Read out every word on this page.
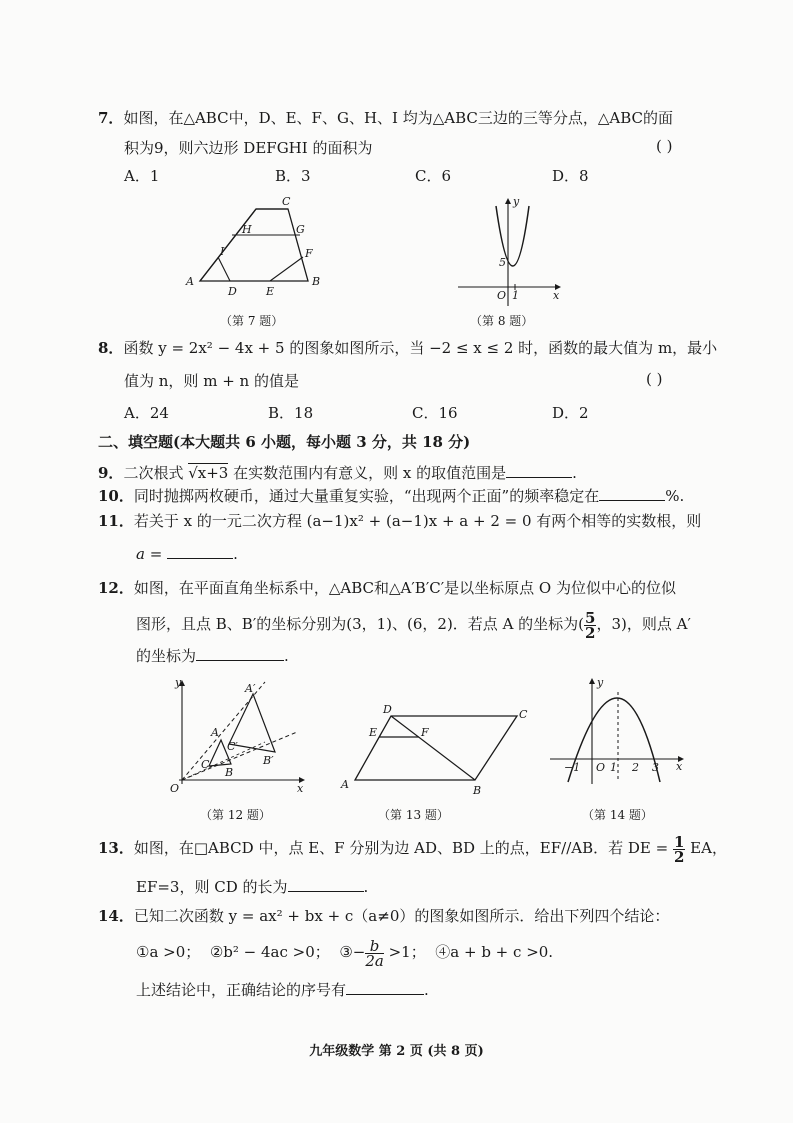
7．如图，在△ABC中，D、E、F、G、H、I 均为△ABC三边的三等分点，△ABC的面
积为9，则六边形 DEFGHI 的面积为	( )
A．1	B．3	C．6	D．8
A	B
C
D	E
F
G
H
I
（第 7 题）
y
x
O 1
5
（第 8 题）
8．函数 y = 2x² − 4x + 5 的图象如图所示，当 −2 ≤ x ≤ 2 时，函数的最大值为 m，最小
值为 n，则 m + n 的值是	( )
A．24	B．18	C．16	D．2
二、填空题(本大题共 6 小题，每小题 3 分，共 18 分)
9．二次根式 √x+3 在实数范围内有意义，则 x 的取值范围是	.
10．同时抛掷两枚硬币，通过大量重复实验，“出现两个正面”的频率稳定在	%.
11．若关于 x 的一元二次方程 (a−1)x² + (a−1)x + a + 2 = 0 有两个相等的实数根，则
a =	.
12．如图，在平面直角坐标系中，△ABC和△A′B′C′是以坐标原点 O 为位似中心的位似
图形，且点 B、B′的坐标分别为(3，1)、(6，2)．若点 A 的坐标为( $\frac{5}{2}$ ，3)，则点 A′
的坐标为	.
y
x
O
A
B
C
A′
B′
C′
（第 12 题）
A	B
C
D
E	F
（第 13 题）
y
x
O
−1	1 2 3
（第 14 题）
13．如图，在□ABCD 中，点 E、F 分别为边 AD、BD 上的点，EF//AB．若 DE = $\frac{1}{2}$ EA，
EF=3，则 CD 的长为	.
14．已知二次函数 y = ax² + bx + c（a≠0）的图象如图所示．给出下列四个结论：
①a >0； ②b² − 4ac >0； ③− $\frac{b}{2a} >1$； ④a + b + c >0.
上述结论中，正确结论的序号有	.
九年级数学 第 2 页 (共 8 页)
